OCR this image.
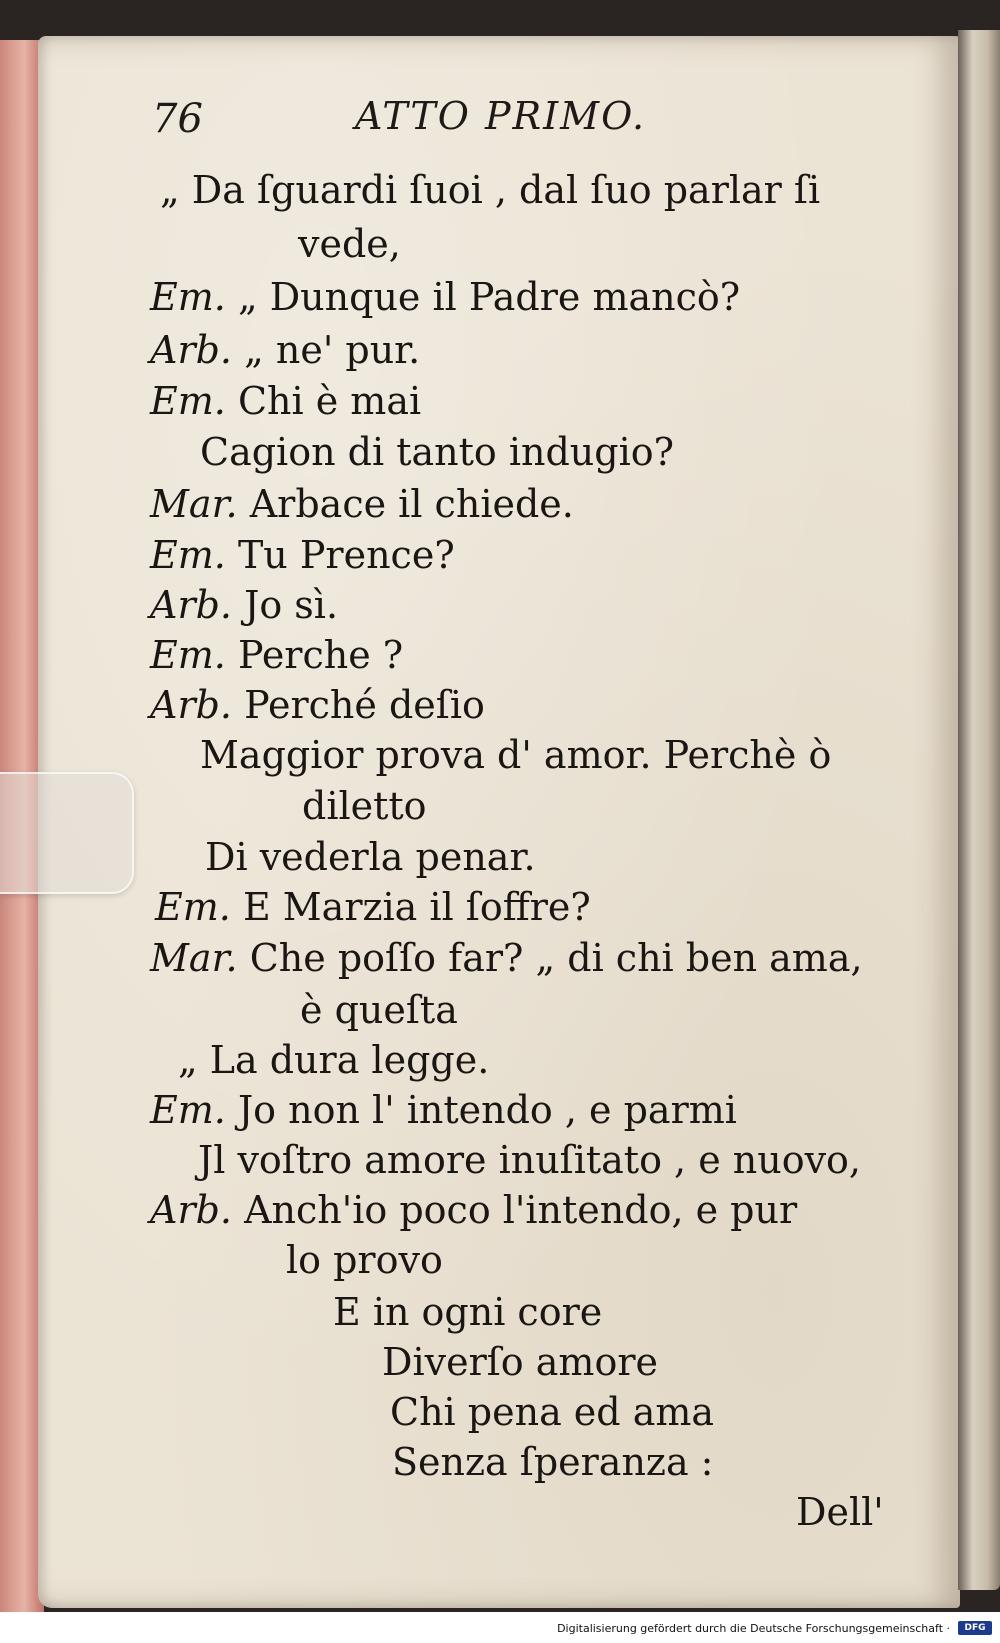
76	ATTO PRIMO.
„ Da ſguardi ſuoi , dal ſuo parlar ſi
vede,
Em. „ Dunque il Padre mancò?
Arb. „ ne' pur.
Em. Chi è mai
Cagion di tanto indugio?
Mar. Arbace il chiede.
Em. Tu Prence?
Arb. Jo sì.
Em. Perche ?
Arb. Perché deſio
Maggior prova d' amor. Perchè ò
diletto
Di vederla penar.
Em. E Marzia il ſoffre?
Mar. Che poſſo far? „ di chi ben ama,
è queſta
„ La dura legge.
Em. Jo non l' intendo , e parmi
Jl voſtro amore inuſitato , e nuovo,
Arb. Anch'io poco l'intendo, e pur
lo provo
E in ogni core
Diverſo amore
Chi pena ed ama
Senza ſperanza :
Dell'
Digitalisierung gefördert durch die Deutsche Forschungsgemeinschaft ·	DFG
